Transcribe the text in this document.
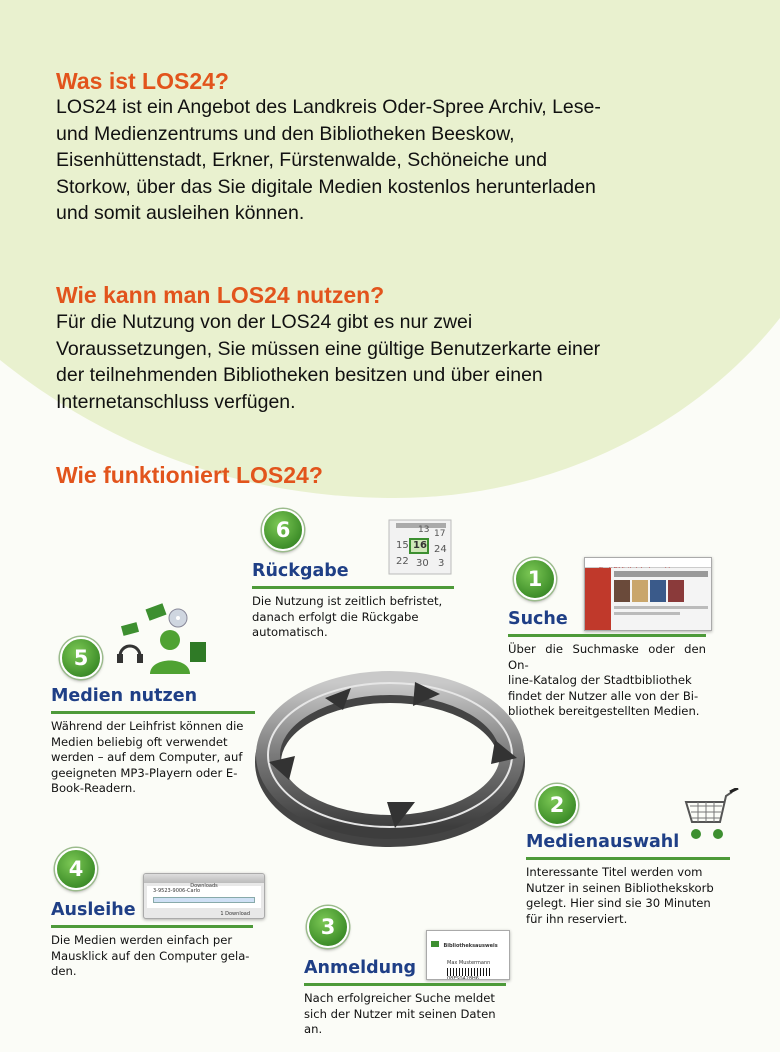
Was ist LOS24?
LOS24 ist ein Angebot des Landkreis Oder-Spree Archiv, Lese-
und Medienzentrums und den Bibliotheken Beeskow,
Eisenhüttenstadt, Erkner, Fürstenwalde, Schöneiche und
Storkow, über das Sie digitale Medien kostenlos herunterladen
und somit ausleihen können.
Wie kann man LOS24 nutzen?
Für die Nutzung von der LOS24 gibt es nur zwei
Voraussetzungen, Sie müssen eine gültige Benutzerkarte einer
der teilnehmenden Bibliotheken besitzen und über einen
Internetanschluss verfügen.
Wie funktioniert LOS24?
6	13 17
15 16 24
22 30 3
Rückgabe
Die Nutzung ist zeitlich befristet,
danach erfolgt die Rückgabe
automatisch.
1
Suche
Über die Suchmaske oder den On-
line-Katalog der Stadtbibliothek
findet der Nutzer alle von der Bi-
bliothek bereitgestellten Medien.
5
Medien nutzen
Während der Leihfrist können die
Medien beliebig oft verwendet
werden – auf dem Computer, auf
geeigneten MP3-Playern oder E-
Book-Readern.
2
Medienauswahl
Interessante Titel werden vom
Nutzer in seinen Bibliothekskorb
gelegt. Hier sind sie 30 Minuten
für ihn reserviert.
4
Downloads
3-9523-9006-Carlo
1 Download
Ausleihe
Die Medien werden einfach per
Mausklick auf den Computer gela-
den.
3
Bibliotheksausweis
Max Mustermann
08FS0428H6
Anmeldung
Nach erfolgreicher Suche meldet
sich der Nutzer mit seinen Daten
an.
